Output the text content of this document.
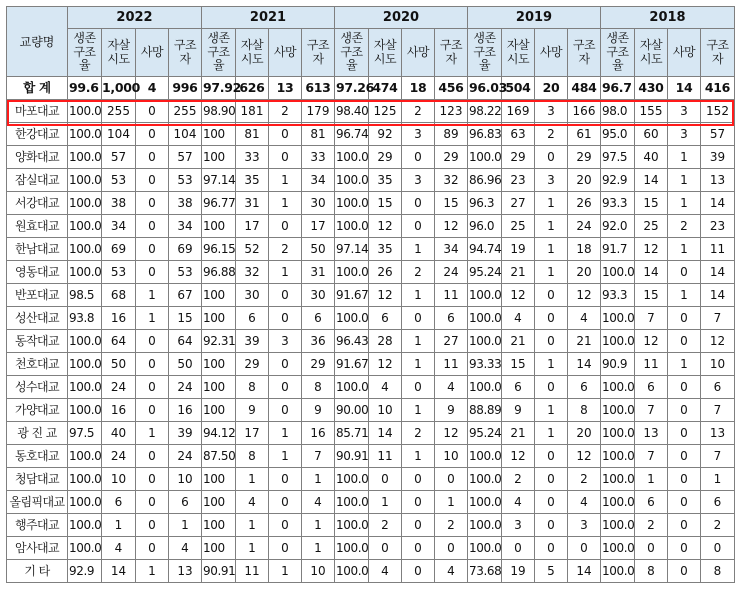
교량명	2022				2021				2020				2019				2018			
	생존 구조 율	자살 시도	사망	구조 자	생존 구조 율	자살 시도	사망	구조 자	생존 구조 율	자살 시도	사망	구조 자	생존 구조 율	자살 시도	사망	구조 자	생존 구조 율	자살 시도	사망	구조 자
합 계	99.6	1,000	4	996	97.92	626	13	613	97.26	474	18	456	96.03	504	20	484	96.7	430	14	416
마포대교	100.0	255	0	255	98.90	181	2	179	98.40	125	2	123	98.22	169	3	166	98.0	155	3	152
한강대교	100.0	104	0	104	100	81	0	81	96.74	92	3	89	96.83	63	2	61	95.0	60	3	57
양화대교	100.0	57	0	57	100	33	0	33	100.0	29	0	29	100.0	29	0	29	97.5	40	1	39
잠실대교	100.0	53	0	53	97.14	35	1	34	100.0	35	3	32	86.96	23	3	20	92.9	14	1	13
서강대교	100.0	38	0	38	96.77	31	1	30	100.0	15	0	15	96.3	27	1	26	93.3	15	1	14
원효대교	100.0	34	0	34	100	17	0	17	100.0	12	0	12	96.0	25	1	24	92.0	25	2	23
한남대교	100.0	69	0	69	96.15	52	2	50	97.14	35	1	34	94.74	19	1	18	91.7	12	1	11
영동대교	100.0	53	0	53	96.88	32	1	31	100.0	26	2	24	95.24	21	1	20	100.0	14	0	14
반포대교	98.5	68	1	67	100	30	0	30	91.67	12	1	11	100.0	12	0	12	93.3	15	1	14
성산대교	93.8	16	1	15	100	6	0	6	100.0	6	0	6	100.0	4	0	4	100.0	7	0	7
동작대교	100.0	64	0	64	92.31	39	3	36	96.43	28	1	27	100.0	21	0	21	100.0	12	0	12
천호대교	100.0	50	0	50	100	29	0	29	91.67	12	1	11	93.33	15	1	14	90.9	11	1	10
성수대교	100.0	24	0	24	100	8	0	8	100.0	4	0	4	100.0	6	0	6	100.0	6	0	6
가양대교	100.0	16	0	16	100	9	0	9	90.00	10	1	9	88.89	9	1	8	100.0	7	0	7
광 진 교	97.5	40	1	39	94.12	17	1	16	85.71	14	2	12	95.24	21	1	20	100.0	13	0	13
동호대교	100.0	24	0	24	87.50	8	1	7	90.91	11	1	10	100.0	12	0	12	100.0	7	0	7
청담대교	100.0	10	0	10	100	1	0	1	100.0	0	0	0	100.0	2	0	2	100.0	1	0	1
올림픽대교	100.0	6	0	6	100	4	0	4	100.0	1	0	1	100.0	4	0	4	100.0	6	0	6
행주대교	100.0	1	0	1	100	1	0	1	100.0	2	0	2	100.0	3	0	3	100.0	2	0	2
암사대교	100.0	4	0	4	100	1	0	1	100.0	0	0	0	100.0	0	0	0	100.0	0	0	0
기 타	92.9	14	1	13	90.91	11	1	10	100.0	4	0	4	73.68	19	5	14	100.0	8	0	8
